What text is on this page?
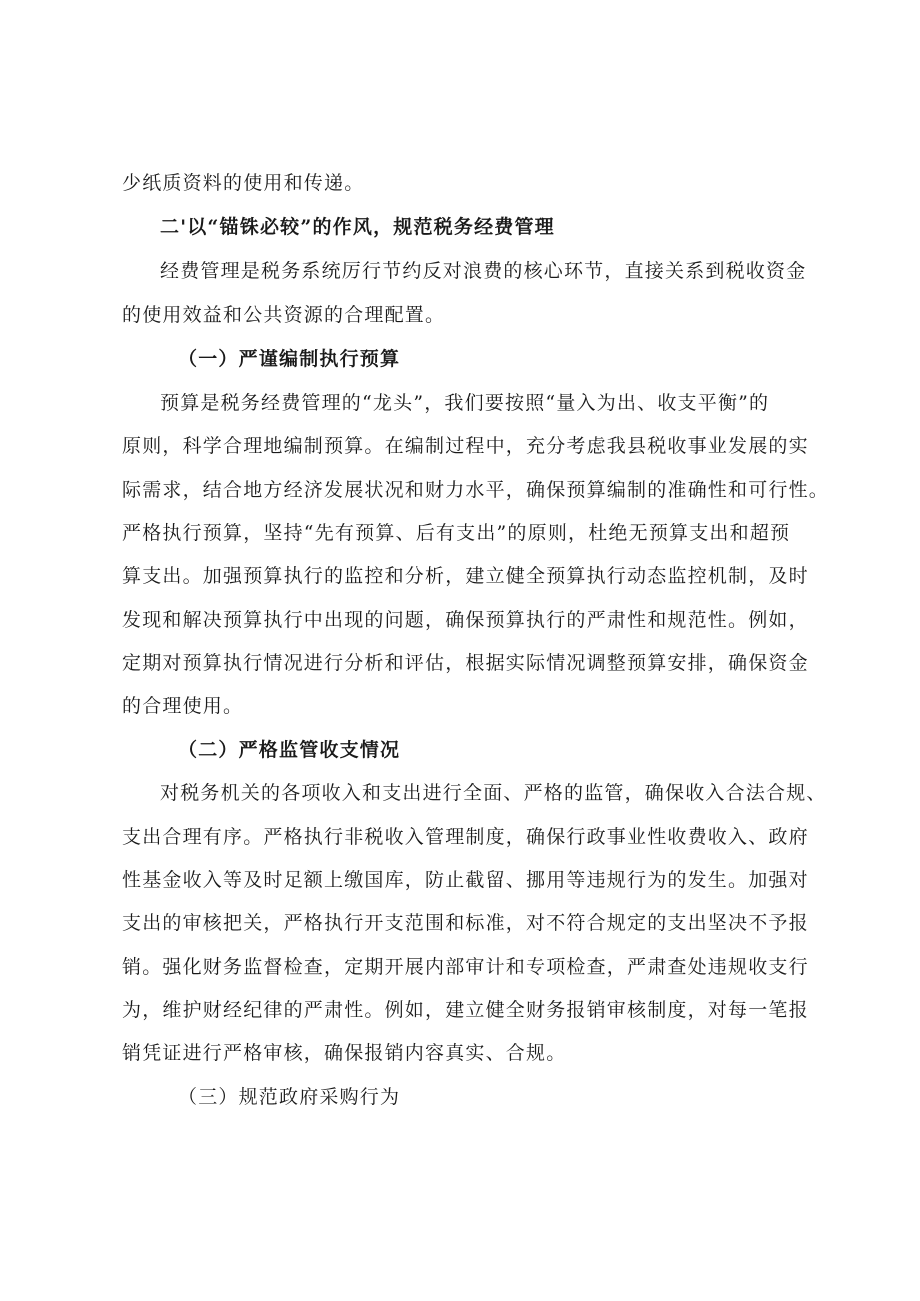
少纸质资料的使用和传递。
二'以“锚铢必较”的作风，规范税务经费管理
经费管理是税务系统厉行节约反对浪费的核心环节，直接关系到税收资金
的使用效益和公共资源的合理配置。
（一）严谨编制执行预算
预算是税务经费管理的“龙头”，我们要按照“量入为出、收支平衡”的
原则，科学合理地编制预算。在编制过程中，充分考虑我县税收事业发展的实
际需求，结合地方经济发展状况和财力水平，确保预算编制的准确性和可行性。
严格执行预算，坚持“先有预算、后有支出”的原则，杜绝无预算支出和超预
算支出。加强预算执行的监控和分析，建立健全预算执行动态监控机制，及时
发现和解决预算执行中出现的问题，确保预算执行的严肃性和规范性。例如，
定期对预算执行情况进行分析和评估，根据实际情况调整预算安排，确保资金
的合理使用。
（二）严格监管收支情况
对税务机关的各项收入和支出进行全面、严格的监管，确保收入合法合规、
支出合理有序。严格执行非税收入管理制度，确保行政事业性收费收入、政府
性基金收入等及时足额上缴国库，防止截留、挪用等违规行为的发生。加强对
支出的审核把关，严格执行开支范围和标准，对不符合规定的支出坚决不予报
销。强化财务监督检查，定期开展内部审计和专项检查，严肃查处违规收支行
为，维护财经纪律的严肃性。例如，建立健全财务报销审核制度，对每一笔报
销凭证进行严格审核，确保报销内容真实、合规。
（三）规范政府采购行为
